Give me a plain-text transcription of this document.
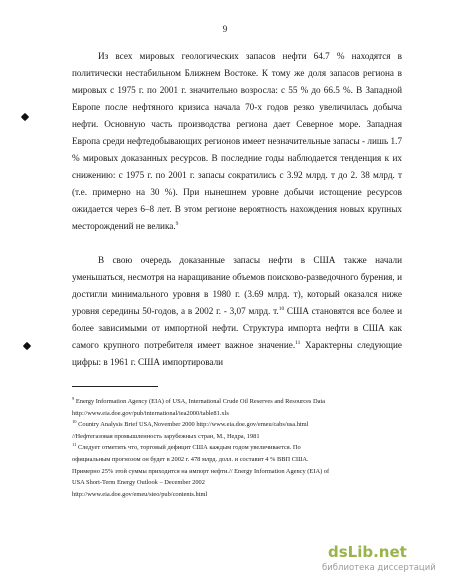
9

Из всех мировых геологических запасов нефти 64.7 % находятся в политически нестабильном Ближнем Востоке. К тому же доля запасов региона в мировых с 1975 г. по 2001 г. значительно возросла: с 55 % до 66.5 %. В Западной Европе после нефтяного кризиса начала 70-х годов резко увеличилась добыча нефти. Основную часть производства региона дает Северное море. Западная Европа среди нефтедобывающих регионов имеет незначительные запасы - лишь 1.7 % мировых доказанных ресурсов. В последние годы наблюдается тенденция к их снижению: с 1975 г. по 2001 г. запасы сократились с 3.92 млрд. т до 2. 38 млрд. т (т.е. примерно на 30 %). При нынешнем уровне добычи истощение ресурсов ожидается через 6–8 лет. В этом регионе вероятность нахождения новых крупных месторождений не велика.$^9$

В свою очередь доказанные запасы нефти в США также начали уменьшаться, несмотря на наращивание объемов поисково-разведочного бурения, и достигли минимального уровня в 1980 г. (3.69 млрд. т), который оказался ниже уровня середины 50-годов, а в 2002 г. - 3,07 млрд. т.$^{10}$ США становятся все более и более зависимыми от импортной нефти. Структура импорта нефти в США как самого крупного потребителя имеет важное значение.$^{11}$ Характерны следующие цифры: в 1961 г. США импортировали

$^9$ Energy Information Agency (EIA) of USA, International Crude Oil Reserves and Resources Data
http://www.eia.doe.gov/pub/international/iea2000/table81.xls
$^{10}$ Country Analysis Brief USA,November 2000 http://www.eia.doe.gov/emeu/cabs/usa.html
//Нефтегазовая промышленность зарубежных стран, М., Недра, 1981
$^{11}$ Следует отметить что, торговый дефицит США каждым годом увеличивается. По
официальным прогнозом он будет в 2002 г. 478 млрд. долл. и составит 4 % ВВП США.
Примерно 25% этой суммы приходится на импорт нефти.// Energy Information Agency (EIA) of
USA Short-Term Energy Outlook – December 2002
http://www.eia.doe.gov/emeu/steo/pub/contents.html
dsLib.net
библиотека диссертаций
